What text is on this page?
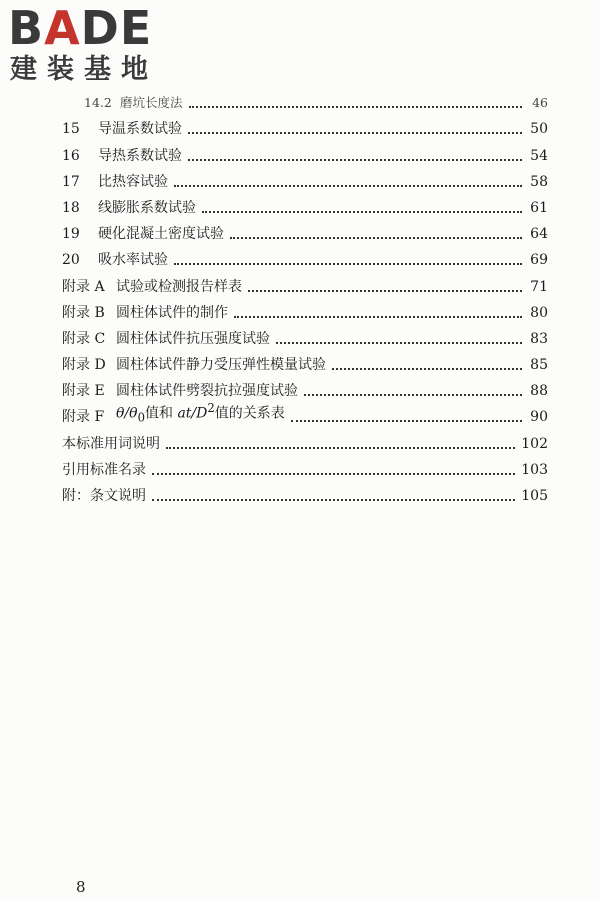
BADE
建装基地
14.2 磨坑长度法	46
15	导温系数试验	50
16	导热系数试验	54
17	比热容试验	58
18	线膨胀系数试验	61
19	硬化混凝土密度试验	64
20	吸水率试验	69
附录 A 试验或检测报告样表	71
附录 B 圆柱体试件的制作	80
附录 C 圆柱体试件抗压强度试验	83
附录 D 圆柱体试件静力受压弹性模量试验	85
附录 E 圆柱体试件劈裂抗拉强度试验	88
附录 F $\theta/\theta_0$值和 $at/D^2$值的关系表	90
本标准用词说明	102
引用标准名录	103
附：条文说明	105
8
